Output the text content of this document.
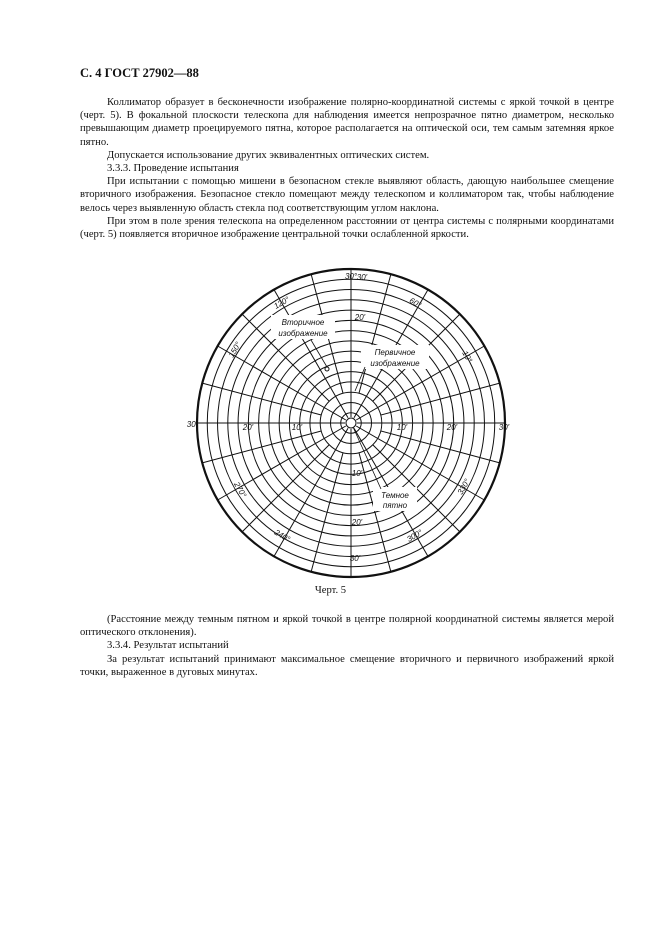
С. 4 ГОСТ 27902—88

Коллиматор образует в бесконечности изображение полярно-координатной системы с яркой точкой в центре (черт. 5). В фокальной плоскости телескопа для наблюдения имеется непрозрачное пятно диаметром, несколько превышающим диаметр проецируемого пятна, которое располагается на оптической оси, тем самым затемняя яркое пятно.

Допускается использование других эквивалентных оптических систем.

3.3.3. Проведение испытания

При испытании с помощью мишени в безопасном стекле выявляют область, дающую наибольшее смещение вторичного изображения. Безопасное стекло помещают между телескопом и коллиматором так, чтобы наблюдение велось через выявленную область стекла под соответствующим углом наклона.

При этом в поле зрения телескопа на определенном расстоянии от центра системы с полярными координатами (черт. 5) появляется вторичное изображение центральной точки ослабленной яркости.

30°
60°
10°
120°
150°
270°
240°	300°
330°
30'
20'
30'	20'	10'	10'	20'	30'
10'
20'
30'
Вторичное
изображение
Первичное
изображение
Темное
пятно
Черт. 5

(Расстояние между темным пятном и яркой точкой в центре полярной координатной системы является мерой оптического отклонения).

3.3.4. Результат испытаний

За результат испытаний принимают максимальное смещение вторичного и первичного изображений яркой точки, выраженное в дуговых минутах.
